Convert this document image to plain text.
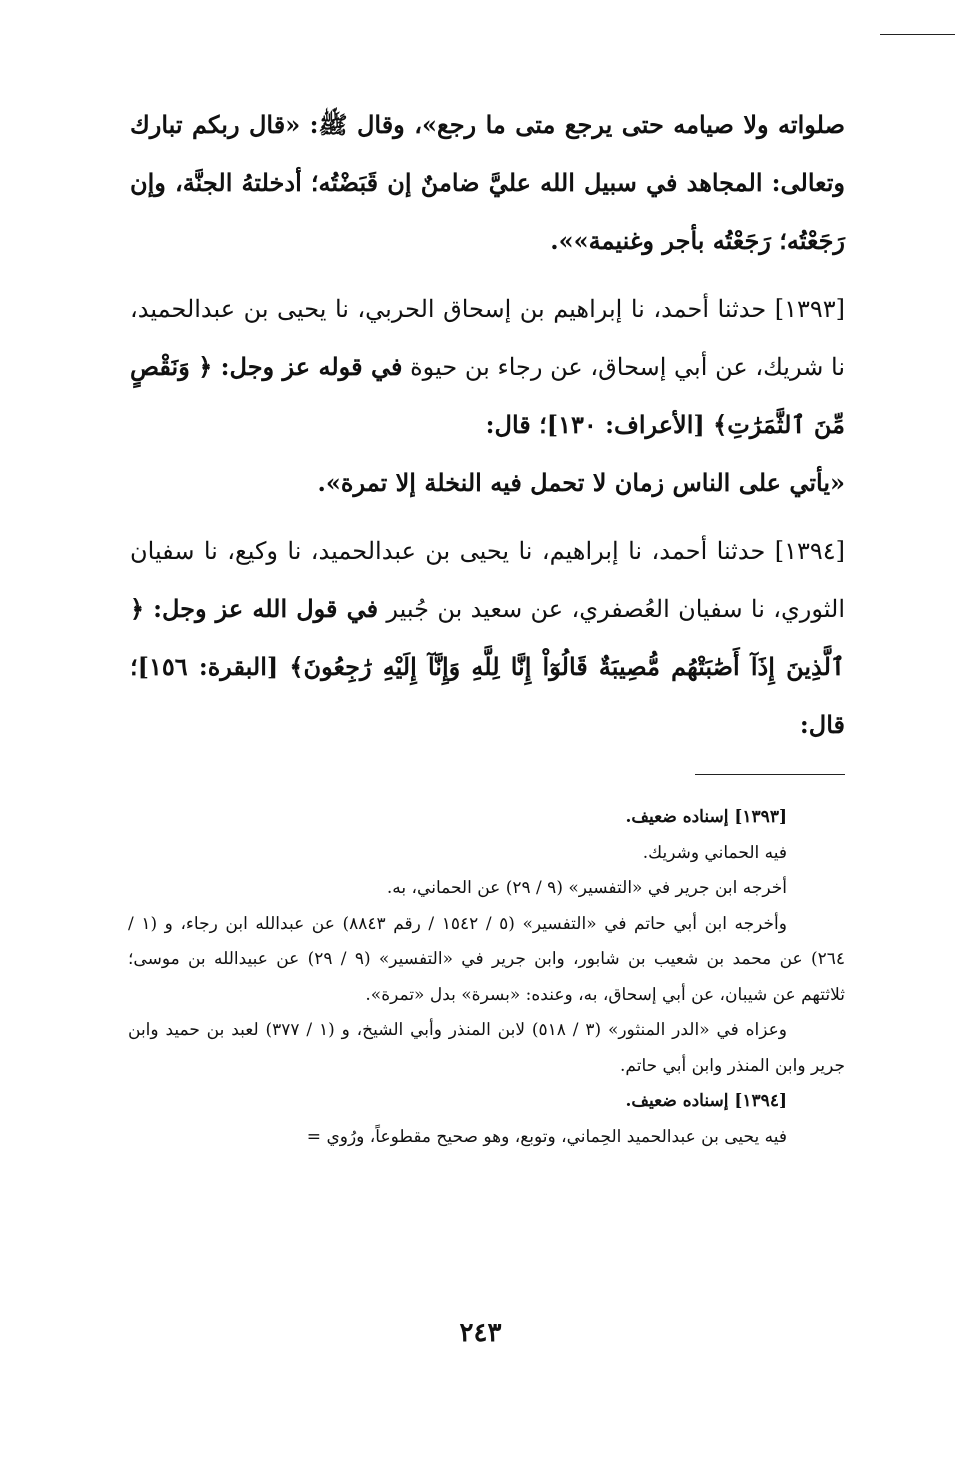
صلواته ولا صيامه حتى يرجع متى ما رجع»، وقال ﷺ: «قال ربكم تبارك وتعالى: المجاهد في سبيل الله عليَّ ضامنٌ إن قَبَضْتُه؛ أدخلتهُ الجنَّة، وإن رَجَعْتُه؛ رَجَعْتُه بأجر وغنيمة»».

[١٣٩٣] حدثنا أحمد، نا إبراهيم بن إسحاق الحربي، نا يحيى بن عبدالحميد، نا شريك، عن أبي إسحاق، عن رجاء بن حيوة في قوله عز وجل: ﴿ وَنَقْصٍ مِّنَ ٱلثَّمَرَٰتِ﴾ [الأعراف: ١٣٠]؛ قال:

«يأتي على الناس زمان لا تحمل فيه النخلة إلا تمرة».

[١٣٩٤] حدثنا أحمد، نا إبراهيم، نا يحيى بن عبدالحميد، نا وكيع، نا سفيان الثوري، نا سفيان العُصفري، عن سعيد بن جُبير في قول الله عز وجل: ﴿ ٱلَّذِينَ إِذَآ أَصَٰبَتْهُم مُّصِيبَةٌ قَالُوٓاْ إِنَّا لِلَّهِ وَإِنَّآ إِلَيْهِ رَٰجِعُونَ﴾ [البقرة: ١٥٦]؛ قال:

[١٣٩٣] إسناده ضعيف.

فيه الحماني وشريك.

أخرجه ابن جرير في «التفسير» (٩ / ٢٩) عن الحماني، به.

وأخرجه ابن أبي حاتم في «التفسير» (٥ / ١٥٤٢ / رقم ٨٨٤٣) عن عبدالله ابن رجاء، و (١ / ٢٦٤) عن محمد بن شعيب بن شابور، وابن جرير في «التفسير» (٩ / ٢٩) عن عبيدالله بن موسى؛ ثلاثتهم عن شيبان، عن أبي إسحاق، به، وعنده: «بسرة» بدل «تمرة».

وعزاه في «الدر المنثور» (٣ / ٥١٨) لابن المنذر وأبي الشيخ، و (١ / ٣٧٧) لعبد بن حميد وابن جرير وابن المنذر وابن أبي حاتم.

[١٣٩٤] إسناده ضعيف.

فيه يحيى بن عبدالحميد الحِماني، وتوبع، وهو صحيح مقطوعاً، ورُوي =

٢٤٣
